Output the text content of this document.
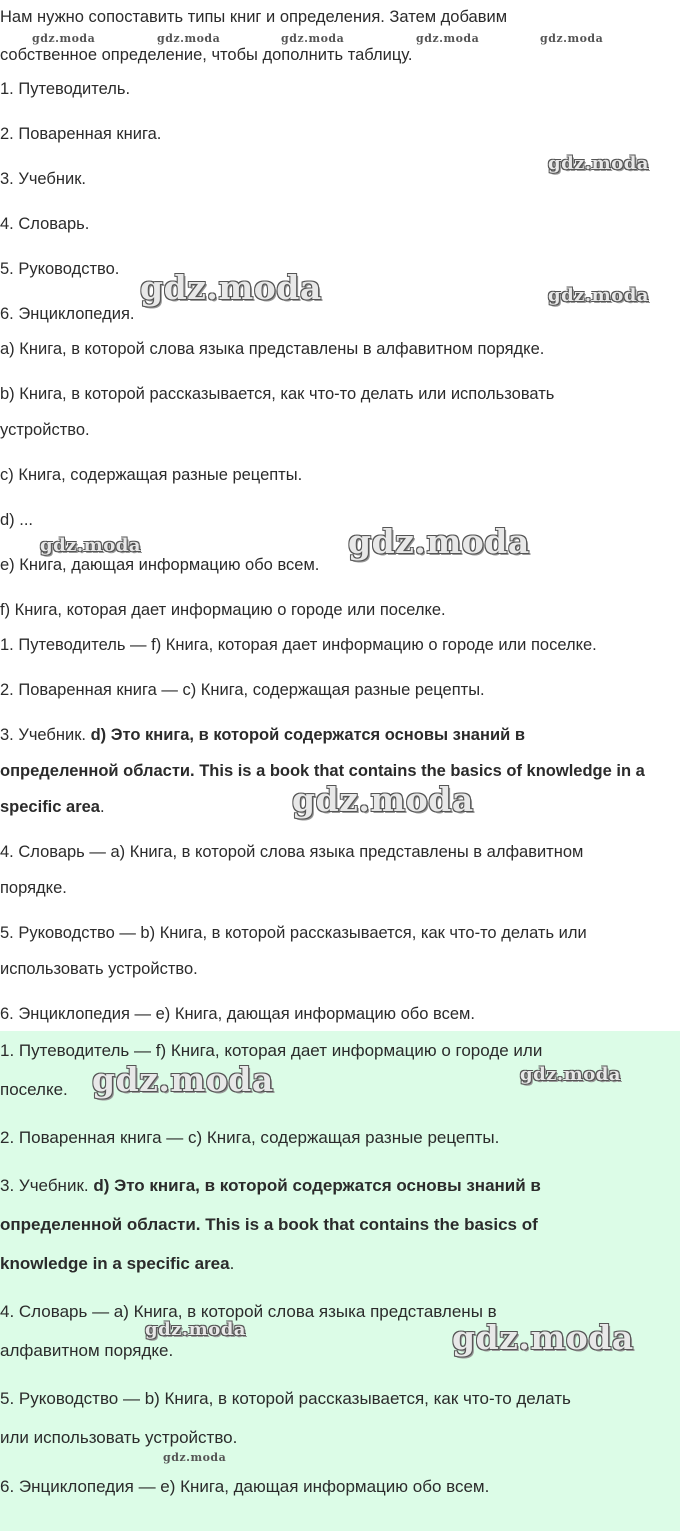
Нам нужно сопоставить типы книг и определения. Затем добавим

собственное определение, чтобы дополнить таблицу.

1. Путеводитель.

2. Поваренная книга.

3. Учебник.

4. Словарь.

5. Руководство.

6. Энциклопедия.

a) Книга, в которой слова языка представлены в алфавитном порядке.

b) Книга, в которой рассказывается, как что-то делать или использовать

устройство.

c) Книга, содержащая разные рецепты.

d) ...

e) Книга, дающая информацию обо всем.

f) Книга, которая дает информацию о городе или поселке.

1. Путеводитель — f) Книга, которая дает информацию о городе или поселке.

2. Поваренная книга — c) Книга, содержащая разные рецепты.

3. Учебник. d) Это книга, в которой содержатся основы знаний в

определенной области. This is a book that contains the basics of knowledge in a

specific area.

4. Словарь — a) Книга, в которой слова языка представлены в алфавитном

порядке.

5. Руководство — b) Книга, в которой рассказывается, как что-то делать или

использовать устройство.

6. Энциклопедия — e) Книга, дающая информацию обо всем.

1. Путеводитель — f) Книга, которая дает информацию о городе или

поселке.

2. Поваренная книга — c) Книга, содержащая разные рецепты.

3. Учебник. d) Это книга, в которой содержатся основы знаний в

определенной области. This is a book that contains the basics of

knowledge in a specific area.

4. Словарь — a) Книга, в которой слова языка представлены в

алфавитном порядке.

5. Руководство — b) Книга, в которой рассказывается, как что-то делать

или использовать устройство.

6. Энциклопедия — e) Книга, дающая информацию обо всем.

gdz.moda	gdz.moda	gdz.moda	gdz.moda	gdz.moda
gdz.moda
gdz.moda	gdz.moda
gdz.moda	gdz.moda
gdz.moda
gdz.moda	gdz.moda
gdz.moda	gdz.moda
gdz.moda
